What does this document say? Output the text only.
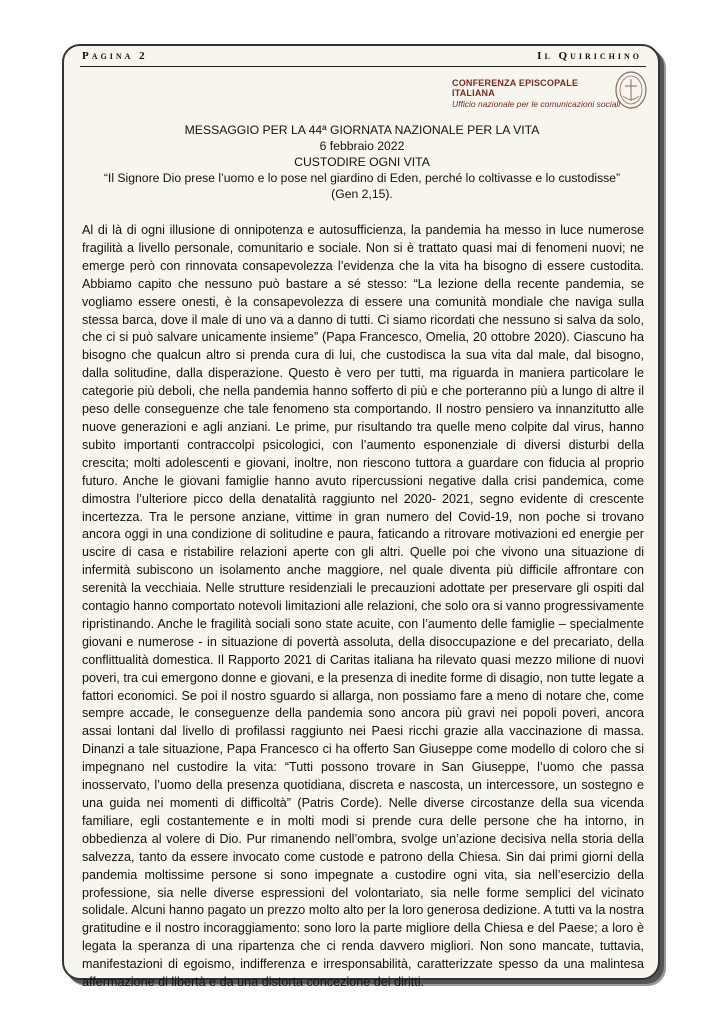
Pagina 2	Il Quirichino
CONFERENZA EPISCOPALE ITALIANA
Ufficio nazionale per le comunicazioni sociali
MESSAGGIO PER LA 44ª GIORNATA NAZIONALE PER LA VITA
6 febbraio 2022
CUSTODIRE OGNI VITA
“Il Signore Dio prese l’uomo e lo pose nel giardino di Eden, perché lo coltivasse e lo custodisse”
(Gen 2,15).
Al di là di ogni illusione di onnipotenza e autosufficienza, la pandemia ha messo in luce numerose fragilità a livello personale, comunitario e sociale. Non si è trattato quasi mai di fenomeni nuovi; ne emerge però con rinnovata consapevolezza l’evidenza che la vita ha bisogno di essere custodita. Abbiamo capito che nessuno può bastare a sé stesso: “La lezione della recente pandemia, se vogliamo essere onesti, è la consapevolezza di essere una comunità mondiale che naviga sulla stessa barca, dove il male di uno va a danno di tutti. Ci siamo ricordati che nessuno si salva da solo, che ci si può salvare unicamente insieme” (Papa Francesco, Omelia, 20 ottobre 2020). Ciascuno ha bisogno che qualcun altro si prenda cura di lui, che custodisca la sua vita dal male, dal bisogno, dalla solitudine, dalla disperazione. Questo è vero per tutti, ma riguarda in maniera particolare le categorie più deboli, che nella pandemia hanno sofferto di più e che porteranno più a lungo di altre il peso delle conseguenze che tale fenomeno sta comportando. Il nostro pensiero va innanzitutto alle nuove generazioni e agli anziani. Le prime, pur risultando tra quelle meno colpite dal virus, hanno subito importanti contraccolpi psicologici, con l’aumento esponenziale di diversi disturbi della crescita; molti adolescenti e giovani, inoltre, non riescono tuttora a guardare con fiducia al proprio futuro. Anche le giovani famiglie hanno avuto ripercussioni negative dalla crisi pandemica, come dimostra l’ulteriore picco della denatalità raggiunto nel 2020- 2021, segno evidente di crescente incertezza. Tra le persone anziane, vittime in gran numero del Covid-19, non poche si trovano ancora oggi in una condizione di solitudine e paura, faticando a ritrovare motivazioni ed energie per uscire di casa e ristabilire relazioni aperte con gli altri. Quelle poi che vivono una situazione di infermità subiscono un isolamento anche maggiore, nel quale diventa più difficile affrontare con serenità la vecchiaia. Nelle strutture residenziali le precauzioni adottate per preservare gli ospiti dal contagio hanno comportato notevoli limitazioni alle relazioni, che solo ora si vanno progressivamente ripristinando. Anche le fragilità sociali sono state acuite, con l’aumento delle famiglie – specialmente giovani e numerose - in situazione di povertà assoluta, della disoccupazione e del precariato, della conflittualità domestica. Il Rapporto 2021 di Caritas italiana ha rilevato quasi mezzo milione di nuovi poveri, tra cui emergono donne e giovani, e la presenza di inedite forme di disagio, non tutte legate a fattori economici. Se poi il nostro sguardo si allarga, non possiamo fare a meno di notare che, come sempre accade, le conseguenze della pandemia sono ancora più gravi nei popoli poveri, ancora assai lontani dal livello di profilassi raggiunto nei Paesi ricchi grazie alla vaccinazione di massa. Dinanzi a tale situazione, Papa Francesco ci ha offerto San Giuseppe come modello di coloro che si impegnano nel custodire la vita: “Tutti possono trovare in San Giuseppe, l’uomo che passa inosservato, l’uomo della presenza quotidiana, discreta e nascosta, un intercessore, un sostegno e una guida nei momenti di difficoltà” (Patris Corde). Nelle diverse circostanze della sua vicenda familiare, egli costantemente e in molti modi si prende cura delle persone che ha intorno, in obbedienza al volere di Dio. Pur rimanendo nell’ombra, svolge un’azione decisiva nella storia della salvezza, tanto da essere invocato come custode e patrono della Chiesa. Sin dai primi giorni della pandemia moltissime persone si sono impegnate a custodire ogni vita, sia nell’esercizio della professione, sia nelle diverse espressioni del volontariato, sia nelle forme semplici del vicinato solidale. Alcuni hanno pagato un prezzo molto alto per la loro generosa dedizione. A tutti va la nostra gratitudine e il nostro incoraggiamento: sono loro la parte migliore della Chiesa e del Paese; a loro è legata la speranza di una ripartenza che ci renda davvero migliori. Non sono mancate, tuttavia, manifestazioni di egoismo, indifferenza e irresponsabilità, caratterizzate spesso da una malintesa affermazione di libertà e da una distorta concezione dei diritti.
